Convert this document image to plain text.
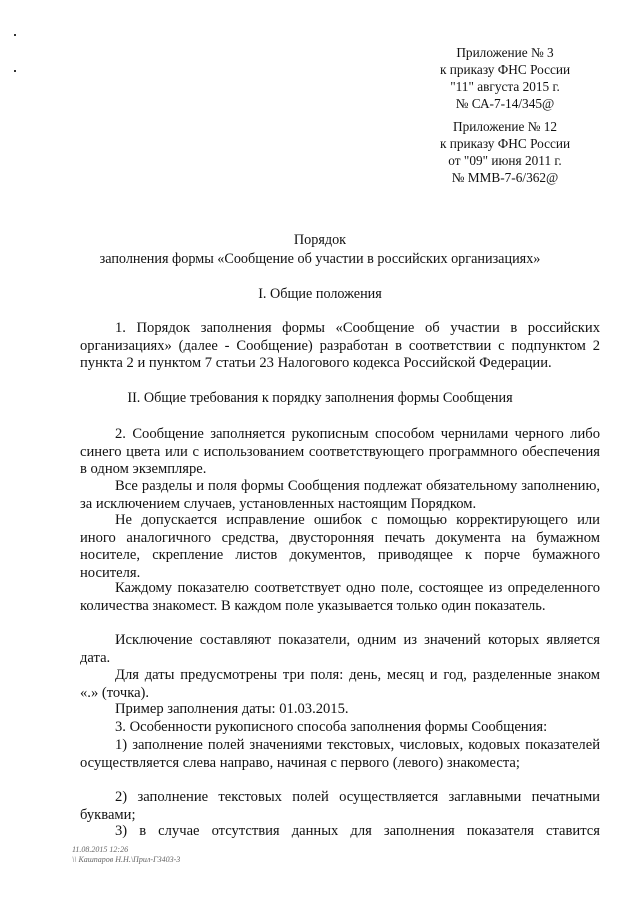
Приложение № 3
к приказу ФНС России
"11" августа 2015 г.
№ СА-7-14/345@
Приложение № 12
к приказу ФНС России
от "09" июня 2011 г.
№ ММВ-7-6/362@
Порядок
заполнения формы «Сообщение об участии в российских организациях»
I. Общие положения
1. Порядок заполнения формы «Сообщение об участии в российских организациях» (далее - Сообщение) разработан в соответствии с подпунктом 2 пункта 2 и пунктом 7 статьи 23 Налогового кодекса Российской Федерации.
II. Общие требования к порядку заполнения формы Сообщения
2. Сообщение заполняется рукописным способом чернилами черного либо синего цвета или с использованием соответствующего программного обеспечения в одном экземпляре.
Все разделы и поля формы Сообщения подлежат обязательному заполнению, за исключением случаев, установленных настоящим Порядком.
Не допускается исправление ошибок с помощью корректирующего или иного аналогичного средства, двусторонняя печать документа на бумажном носителе, скрепление листов документов, приводящее к порче бумажного носителя.
Каждому показателю соответствует одно поле, состоящее из определенного количества знакомест. В каждом поле указывается только один показатель.
Исключение составляют показатели, одним из значений которых является дата.
Для даты предусмотрены три поля: день, месяц и год, разделенные знаком «.» (точка).
Пример заполнения даты: 01.03.2015.
3. Особенности рукописного способа заполнения формы Сообщения:
1) заполнение полей значениями текстовых, числовых, кодовых показателей осуществляется слева направо, начиная с первого (левого) знакоместа;
2) заполнение текстовых полей осуществляется заглавными печатными буквами;
3) в случае отсутствия данных для заполнения показателя ставится
11.08.2015 12:26
\\ Кашпаров Н.Н.\Прил-ГЗ403-3
